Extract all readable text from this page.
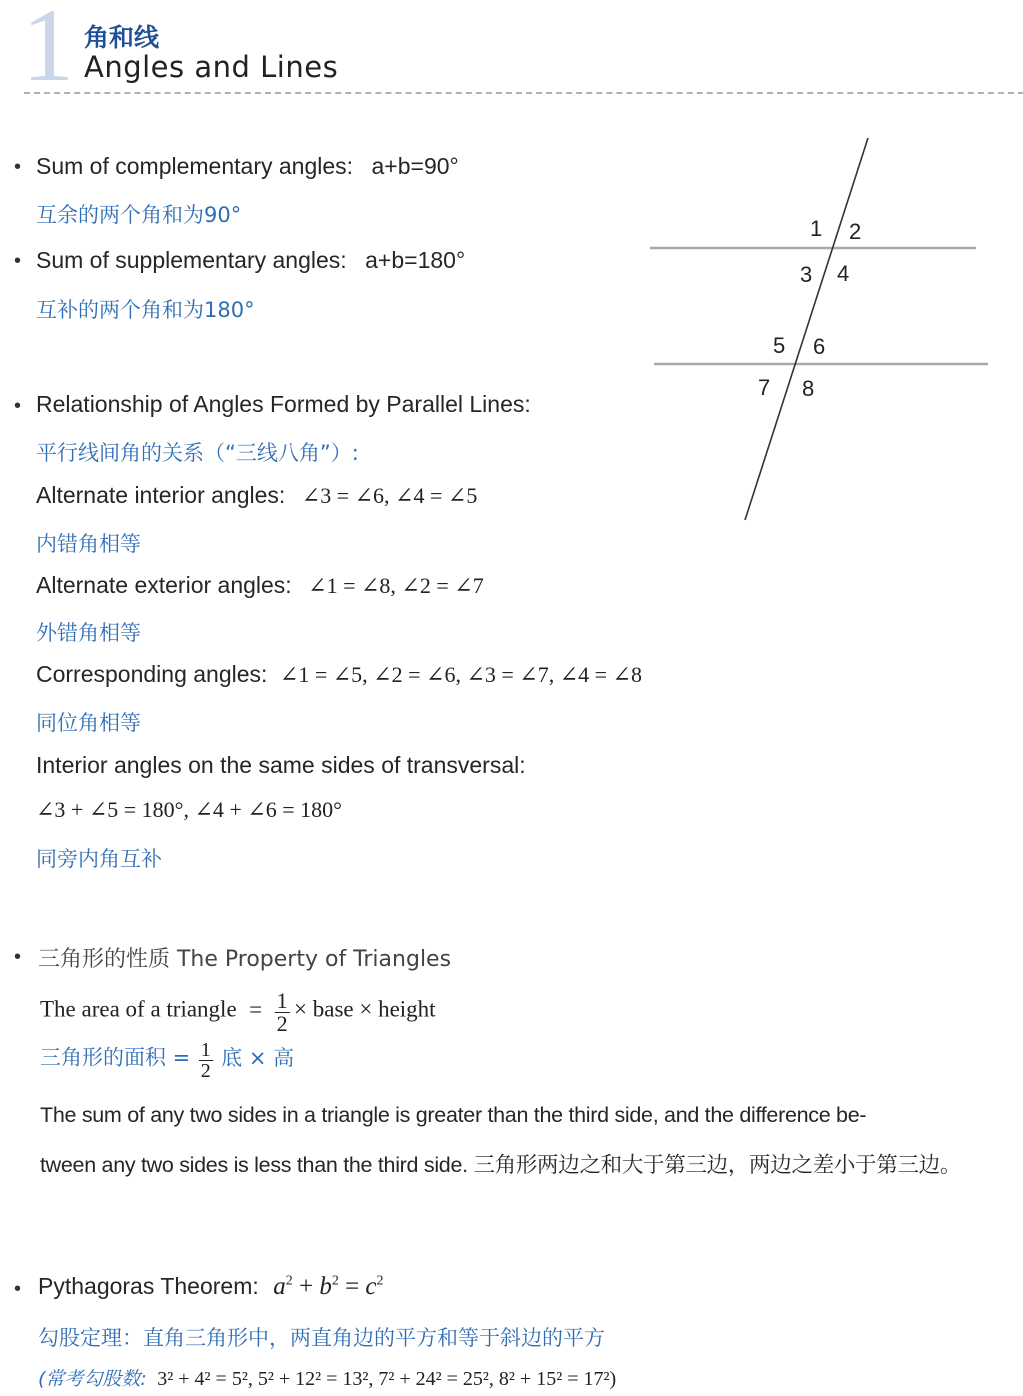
1 角和线
Angles and Lines
• Sum of complementary angles: a+b=90°
互余的两个角和为90°
• Sum of supplementary angles: a+b=180°
互补的两个角和为180°
1 2
3 4
5 6
7 8
• Relationship of Angles Formed by Parallel Lines:
平行线间角的关系（“三线八角”）:
Alternate interior angles: ∠3 = ∠6, ∠4 = ∠5
内错角相等
Alternate exterior angles: ∠1 = ∠8, ∠2 = ∠7
外错角相等
Corresponding angles: ∠1 = ∠5, ∠2 = ∠6, ∠3 = ∠7, ∠4 = ∠8
同位角相等
Interior angles on the same sides of transversal:
∠3 + ∠5 = 180°, ∠4 + ∠6 = 180°
同旁内角互补
• 三角形的性质 The Property of Triangles
The area of a triangle = $\frac{1}{2}$ × base × height
三角形的面积 = $\frac{1}{2}$ 底 × 高
The sum of any two sides in a triangle is greater than the third side, and the difference be-
tween any two sides is less than the third side. 三角形两边之和大于第三边，两边之差小于第三边。
• Pythagoras Theorem: $a^2 + b^2 = c^2$
勾股定理：直角三角形中，两直角边的平方和等于斜边的平方
(常考勾股数: 3² + 4² = 5², 5² + 12² = 13², 7² + 24² = 25², 8² + 15² = 17²)
